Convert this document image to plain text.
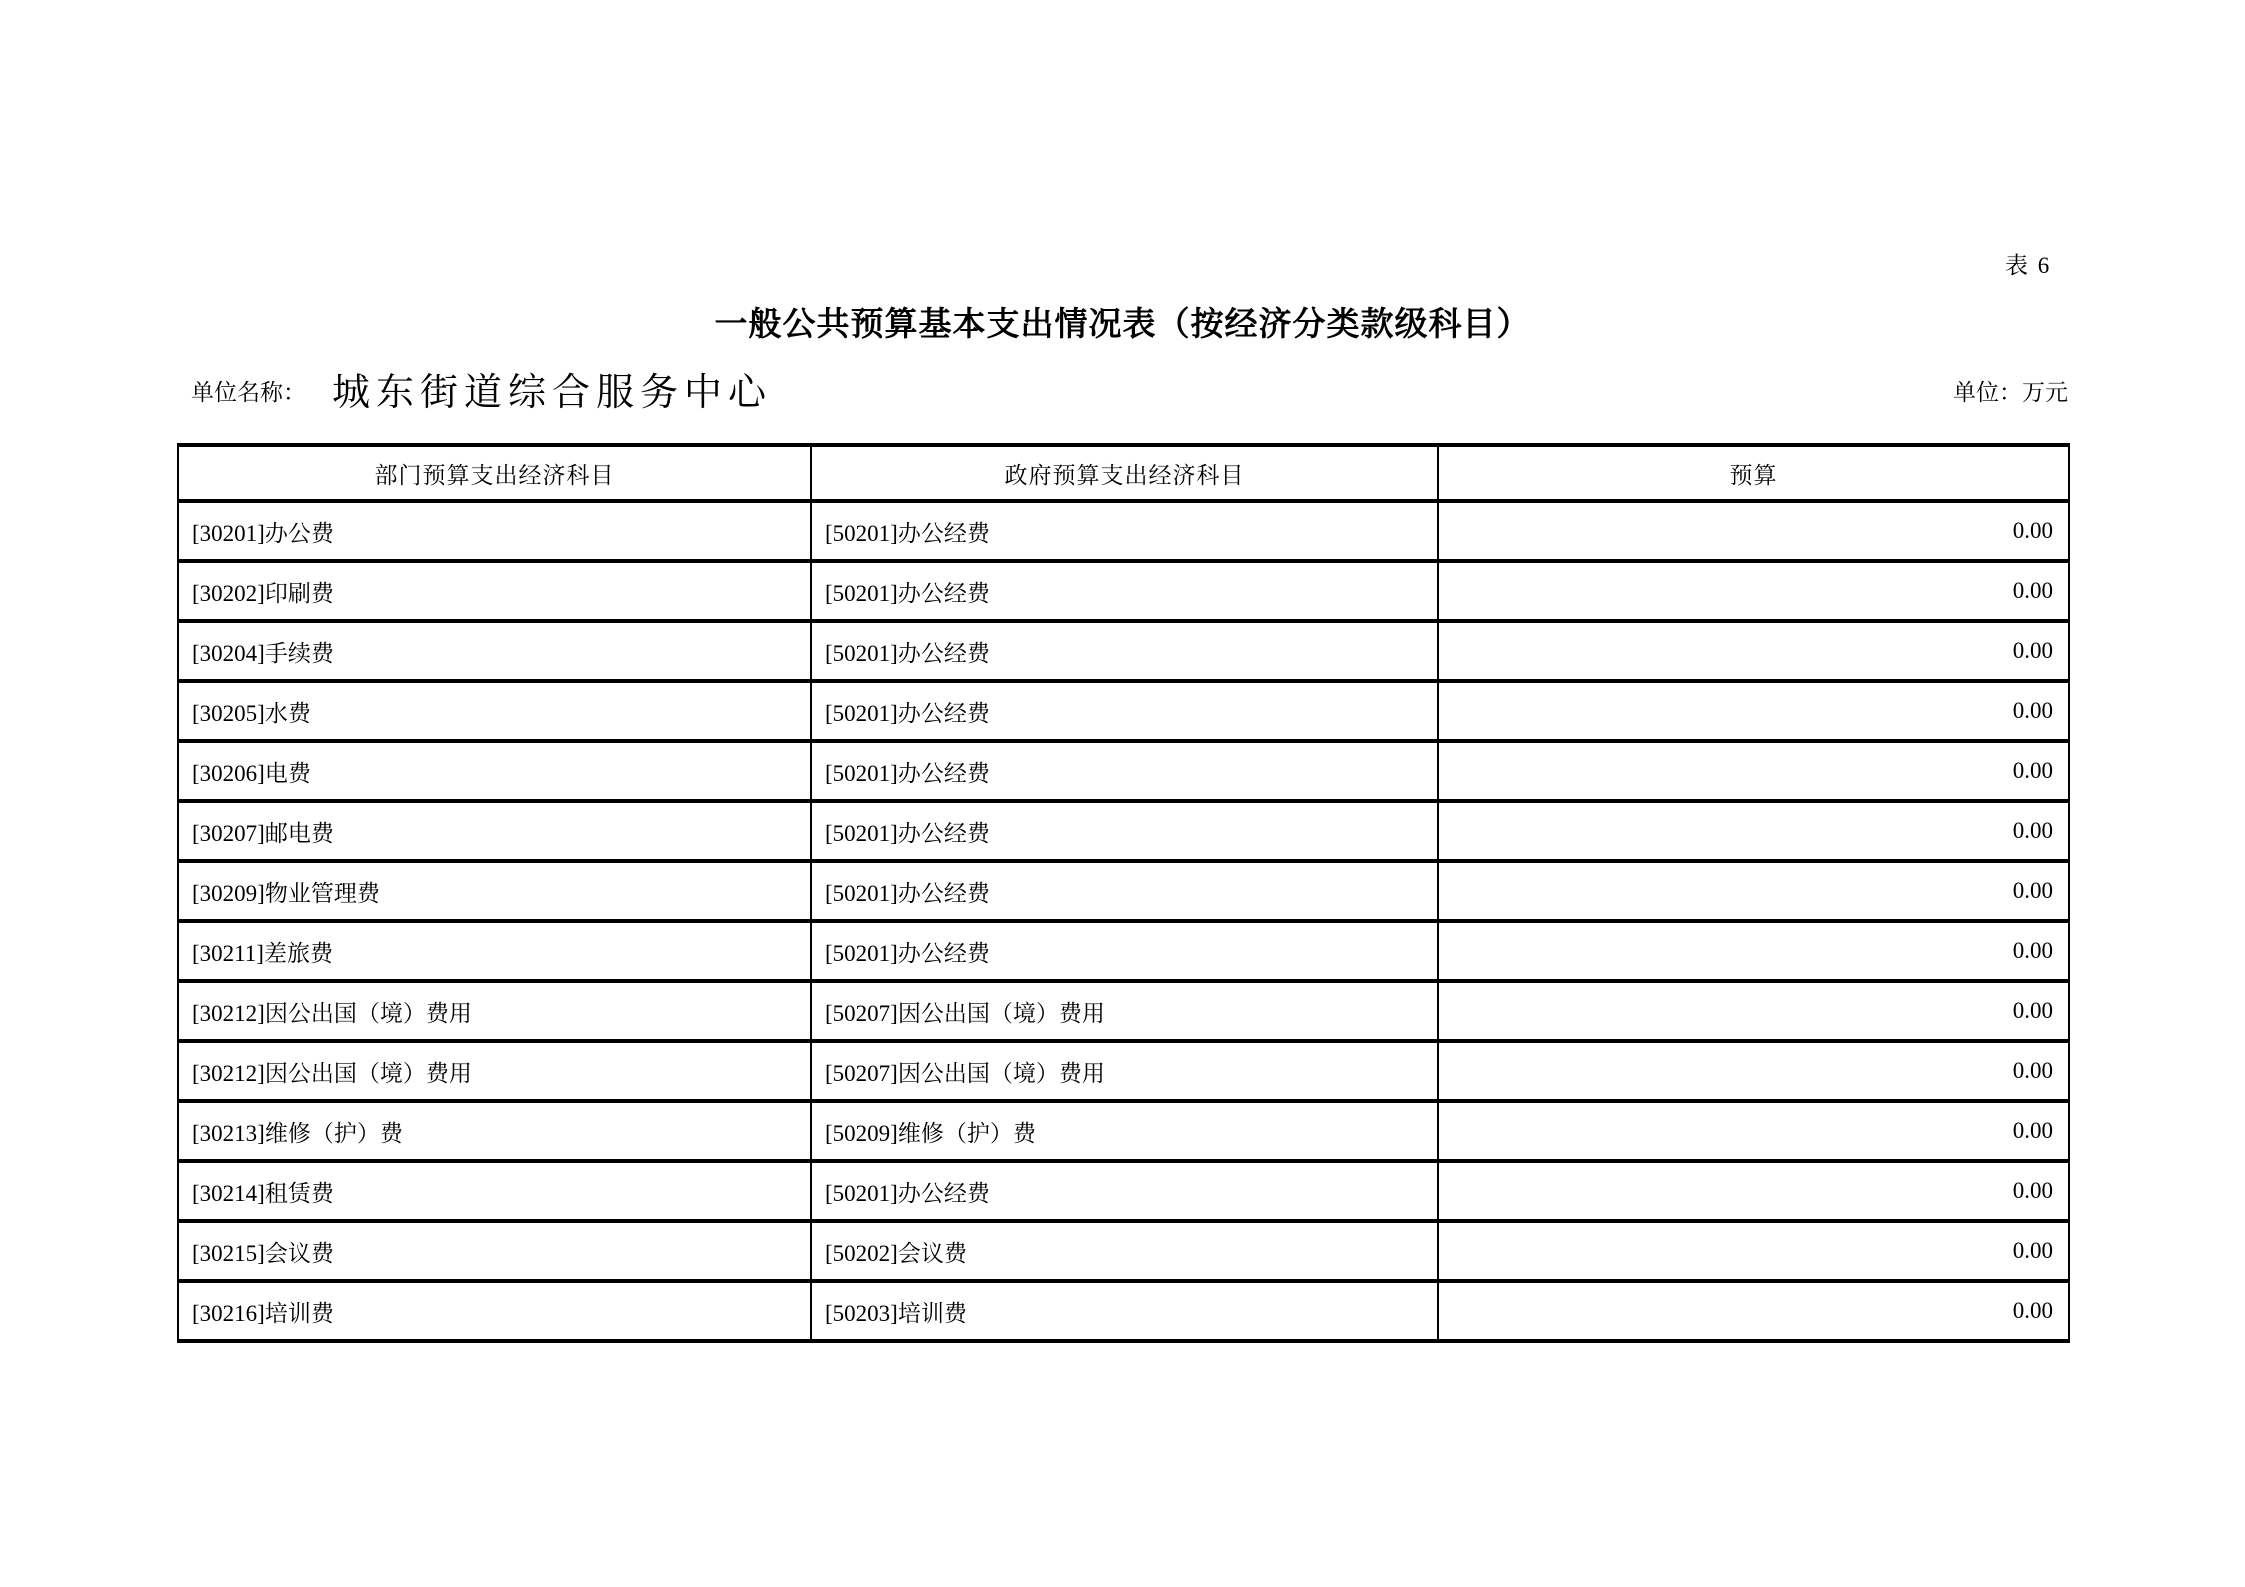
表 6
一般公共预算基本支出情况表（按经济分类款级科目）
单位名称： 城东街道综合服务中心	单位：万元
部门预算支出经济科目	政府预算支出经济科目	预算
[30201]办公费	[50201]办公经费	0.00
[30202]印刷费	[50201]办公经费	0.00
[30204]手续费	[50201]办公经费	0.00
[30205]水费	[50201]办公经费	0.00
[30206]电费	[50201]办公经费	0.00
[30207]邮电费	[50201]办公经费	0.00
[30209]物业管理费	[50201]办公经费	0.00
[30211]差旅费	[50201]办公经费	0.00
[30212]因公出国（境）费用	[50207]因公出国（境）费用	0.00
[30212]因公出国（境）费用	[50207]因公出国（境）费用	0.00
[30213]维修（护）费	[50209]维修（护）费	0.00
[30214]租赁费	[50201]办公经费	0.00
[30215]会议费	[50202]会议费	0.00
[30216]培训费	[50203]培训费	0.00
